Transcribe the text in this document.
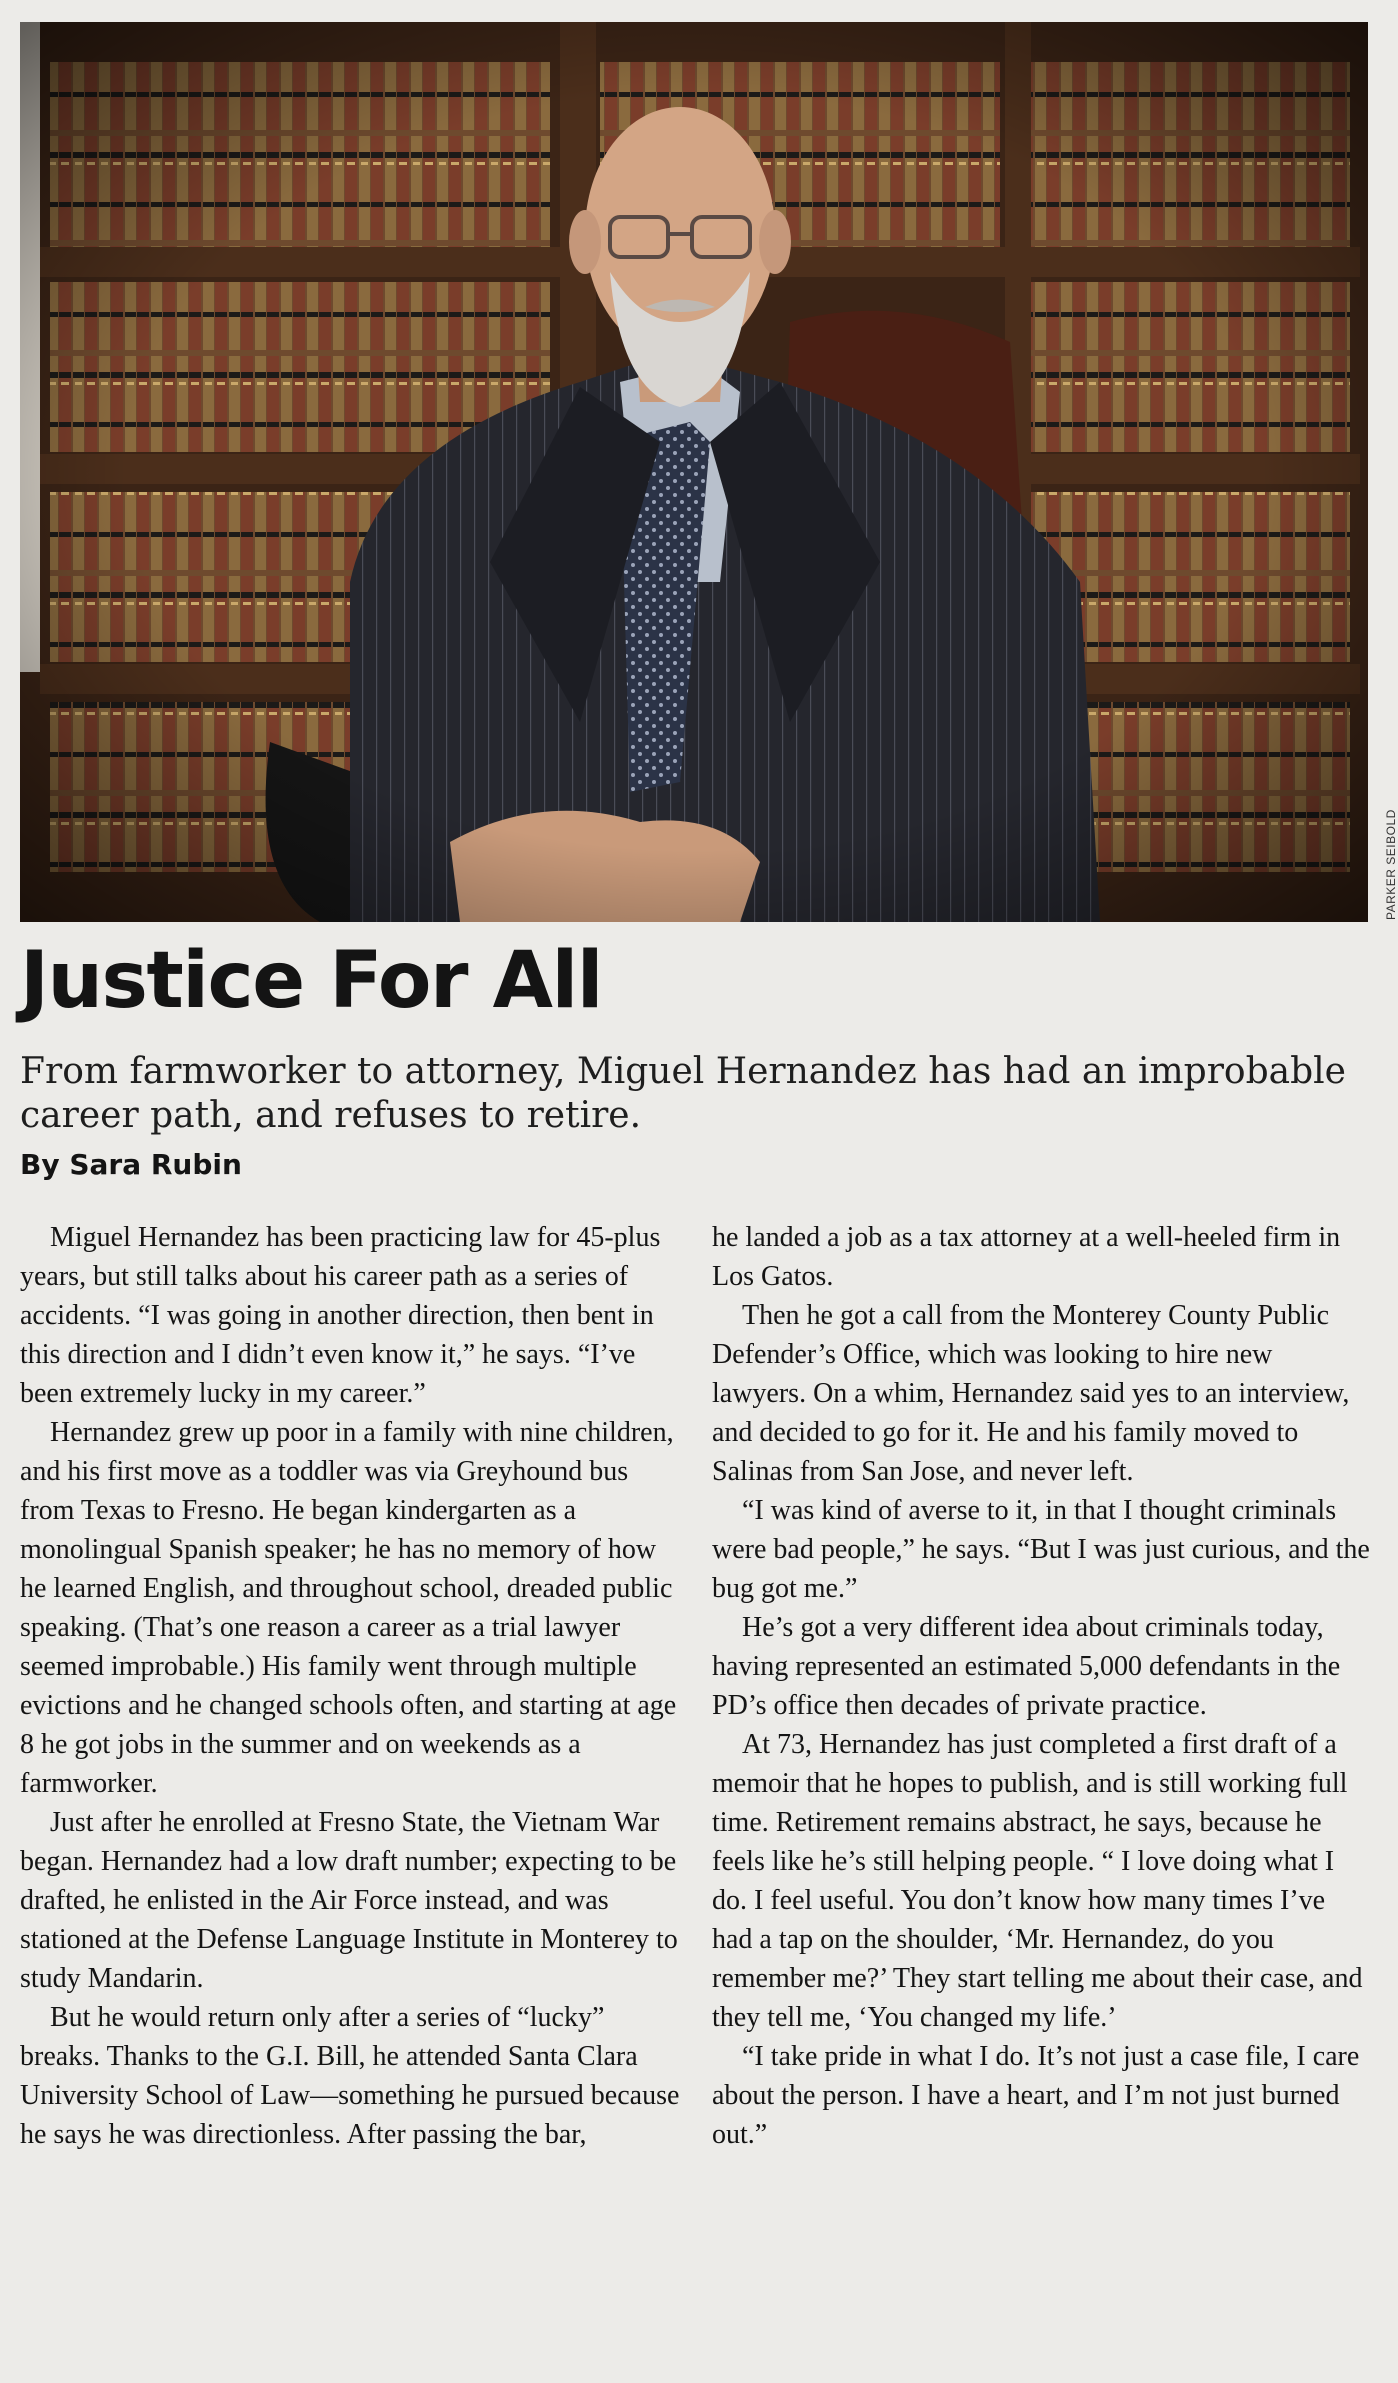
PARKER SEIBOLD
Justice For All

From farmworker to attorney, Miguel Hernandez has had an improbable career path, and refuses to retire.

By Sara Rubin

Miguel Hernandez has been practicing law for 45-plus years, but still talks about his career path as a series of accidents. “I was going in another direction, then bent in this direction and I didn’t even know it,” he says. “I’ve been extremely lucky in my career.”

Hernandez grew up poor in a family with nine children, and his first move as a toddler was via Greyhound bus from Texas to Fresno. He began kindergarten as a monolingual Spanish speaker; he has no memory of how he learned English, and throughout school, dreaded public speaking. (That’s one reason a career as a trial lawyer seemed improbable.) His family went through multiple evictions and he changed schools often, and starting at age 8 he got jobs in the summer and on weekends as a farmworker.

Just after he enrolled at Fresno State, the Vietnam War began. Hernandez had a low draft number; expecting to be drafted, he enlisted in the Air Force instead, and was stationed at the Defense Language Institute in Monterey to study Mandarin.

But he would return only after a series of “lucky” breaks. Thanks to the G.I. Bill, he attended Santa Clara University School of Law—something he pursued because he says he was directionless. After passing the bar,

he landed a job as a tax attorney at a well-heeled firm in Los Gatos.

Then he got a call from the Monterey County Public Defender’s Office, which was looking to hire new lawyers. On a whim, Hernandez said yes to an interview, and decided to go for it. He and his family moved to Salinas from San Jose, and never left.

“I was kind of averse to it, in that I thought criminals were bad people,” he says. “But I was just curious, and the bug got me.”

He’s got a very different idea about criminals today, having represented an estimated 5,000 defendants in the PD’s office then decades of private practice.

At 73, Hernandez has just completed a first draft of a memoir that he hopes to publish, and is still working full time. Retirement remains abstract, he says, because he feels like he’s still helping people. “ I love doing what I do. I feel useful. You don’t know how many times I’ve had a tap on the shoulder, ‘Mr. Hernandez, do you remember me?’ They start telling me about their case, and they tell me, ‘You changed my life.’

“I take pride in what I do. It’s not just a case file, I care about the person. I have a heart, and I’m not just burned out.”
